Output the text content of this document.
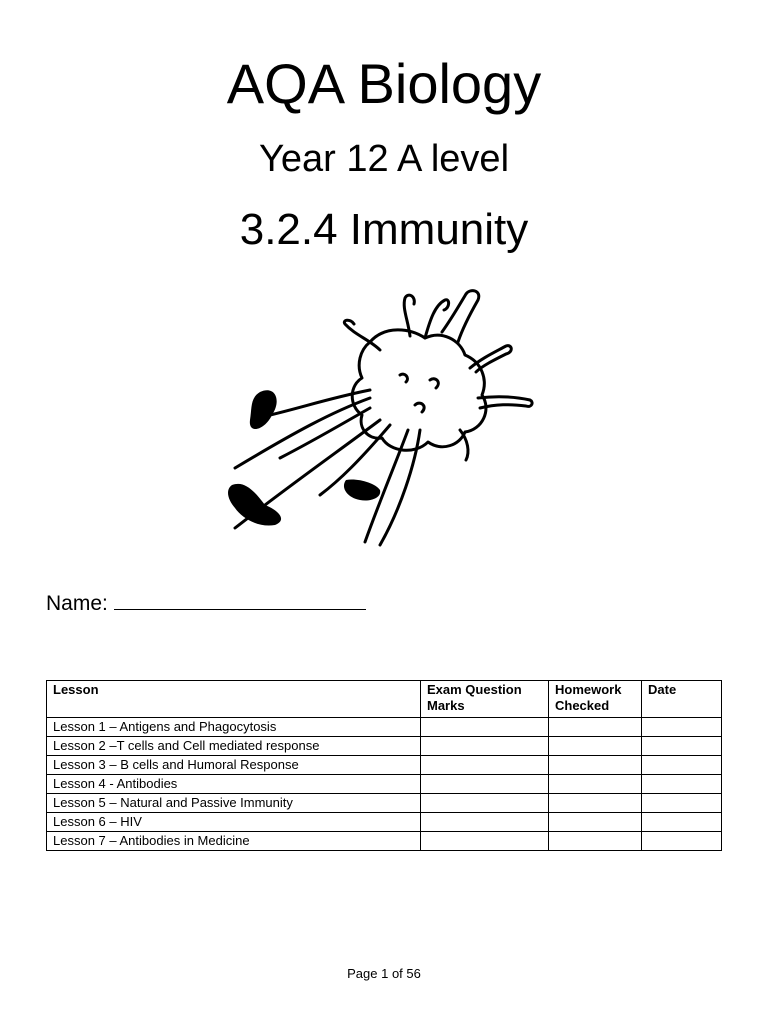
AQA Biology
Year 12 A level
3.2.4 Immunity
Name:
Lesson	Exam Question Marks	Homework Checked	Date
Lesson 1 – Antigens and Phagocytosis			
Lesson 2 –T cells and Cell mediated response			
Lesson 3 – B cells and Humoral Response			
Lesson 4 - Antibodies			
Lesson 5 – Natural and Passive Immunity			
Lesson 6 – HIV			
Lesson 7 – Antibodies in Medicine			
Page 1 of 56
